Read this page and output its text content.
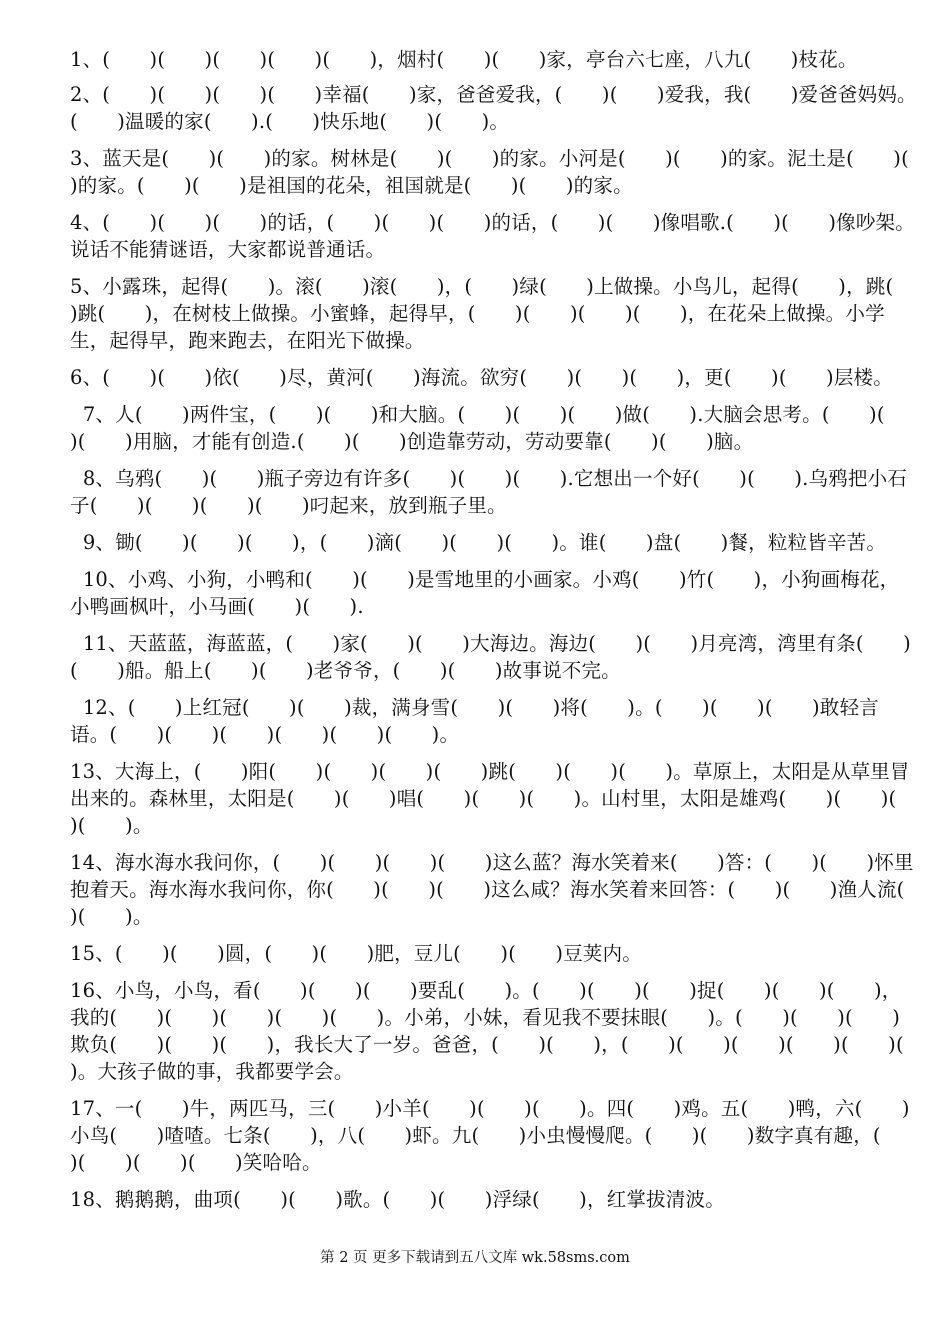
1、(　　)(　　)(　　)(　　)(　　)，烟村(　　)(　　)家，亭台六七座，八九(　　)枝花。

2、(　　)(　　)(　　)(　　)幸福(　　)家，爸爸爱我，(　　)(　　)爱我，我(　　)爱爸爸妈妈。(　　)温暖的家(　　).(　　)快乐地(　　)(　　)。

3、蓝天是(　　)(　　)的家。树林是(　　)(　　)的家。小河是(　　)(　　)的家。泥土是(　　)(　　)的家。(　　)(　　)是祖国的花朵，祖国就是(　　)(　　)的家。

4、(　　)(　　)(　　)的话，(　　)(　　)(　　)的话，(　　)(　　)像唱歌.(　　)(　　)像吵架。说话不能猜谜语，大家都说普通话。

5、小露珠，起得(　　)。滚(　　)滚(　　)，(　　)绿(　　)上做操。小鸟儿，起得(　　)，跳(　　)跳(　　)，在树枝上做操。小蜜蜂，起得早，(　　)(　　)(　　)(　　)，在花朵上做操。小学生，起得早，跑来跑去，在阳光下做操。

6、(　　)(　　)依(　　)尽，黄河(　　)海流。欲穷(　　)(　　)(　　)，更(　　)(　　)层楼。

7、人(　　)两件宝，(　　)(　　)和大脑。(　　)(　　)(　　)做(　　).大脑会思考。(　　)(　　)(　　)用脑，才能有创造.(　　)(　　)创造靠劳动，劳动要靠(　　)(　　)脑。

8、乌鸦(　　)(　　)瓶子旁边有许多(　　)(　　)(　　).它想出一个好(　　)(　　).乌鸦把小石子(　　)(　　)(　　)(　　)叼起来，放到瓶子里。

9、锄(　　)(　　)(　　)，(　　)滴(　　)(　　)(　　)。谁(　　)盘(　　)餐，粒粒皆辛苦。

10、小鸡、小狗，小鸭和(　　)(　　)是雪地里的小画家。小鸡(　　)竹(　　)，小狗画梅花，小鸭画枫叶，小马画(　　)(　　).

11、天蓝蓝，海蓝蓝，(　　)家(　　)(　　)大海边。海边(　　)(　　)月亮湾，湾里有条(　　)(　　)船。船上(　　)(　　)老爷爷，(　　)(　　)故事说不完。

12、(　　)上红冠(　　)(　　)裁，满身雪(　　)(　　)将(　　)。(　　)(　　)(　　)敢轻言语。(　　)(　　)(　　)(　　)(　　)(　　)。

13、大海上，(　　)阳(　　)(　　)(　　)(　　)跳(　　)(　　)(　　)。草原上，太阳是从草里冒出来的。森林里，太阳是(　　)(　　)唱(　　)(　　)(　　)。山村里，太阳是雄鸡(　　)(　　)(　　)(　　)。

14、海水海水我问你，(　　)(　　)(　　)(　　)这么蓝？海水笑着来(　　)答：(　　)(　　)怀里抱着天。海水海水我问你，你(　　)(　　)(　　)这么咸？海水笑着来回答：(　　)(　　)渔人流(　　)(　　)。

15、(　　)(　　)圆，(　　)(　　)肥，豆儿(　　)(　　)豆荚内。

16、小鸟，小鸟，看(　　)(　　)(　　)要乱(　　)。(　　)(　　)(　　)捉(　　)(　　)(　　)，我的(　　)(　　)(　　)(　　)(　　)。小弟，小妹，看见我不要抹眼(　　)。(　　)(　　)(　　)欺负(　　)(　　)(　　)，我长大了一岁。爸爸，(　　)(　　)，(　　)(　　)(　　)(　　)(　　)(　　)。大孩子做的事，我都要学会。

17、一(　　)牛，两匹马，三(　　)小羊(　　)(　　)(　　)。四(　　)鸡。五(　　)鸭，六(　　)小鸟(　　)喳喳。七条(　　)，八(　　)虾。九(　　)小虫慢慢爬。(　　)(　　)数字真有趣，(　　)(　　)(　　)(　　)笑哈哈。

18、鹅鹅鹅，曲项(　　)(　　)歌。(　　)(　　)浮绿(　　)，红掌拔清波。

第 2 页 更多下载请到五八文库 wk.58sms.com
